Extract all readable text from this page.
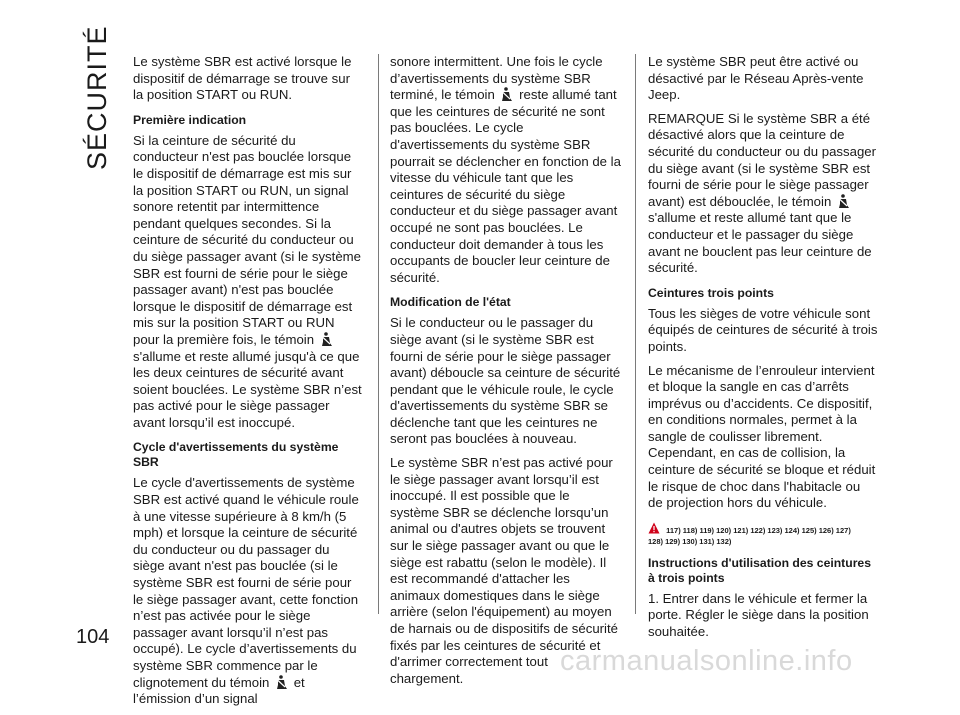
SÉCURITÉ Le système SBR est activé lorsque le dispositif de démarrage se trouve sur la position START ou RUN.

Première indication

Si la ceinture de sécurité du conducteur n'est pas bouclée lorsque le dispositif de démarrage est mis sur la position START ou RUN, un signal sonore retentit par intermittence pendant quelques secondes. Si la ceinture de sécurité du conducteur ou du siège passager avant (si le système SBR est fourni de série pour le siège passager avant) n'est pas bouclée lorsque le dispositif de démarrage est mis sur la position START ou RUN pour la première fois, le témoin  s'allume et reste allumé jusqu'à ce que les deux ceintures de sécurité avant soient bouclées. Le système SBR n’est pas activé pour le siège passager avant lorsqu’il est inoccupé.

Cycle d'avertissements du système SBR

Le cycle d'avertissements de système SBR est activé quand le véhicule roule à une vitesse supérieure à 8 km/h (5 mph) et lorsque la ceinture de sécurité du conducteur ou du passager du siège avant n'est pas bouclée (si le système SBR est fourni de série pour le siège passager avant, cette fonction n’est pas activée pour le siège passager avant lorsqu’il n’est pas occupé). Le cycle d’avertissements du système SBR commence par le clignotement du témoin et l’émission d’un signal

sonore intermittent. Une fois le cycle d’avertissements du système SBR terminé, le témoin reste allumé tant que les ceintures de sécurité ne sont pas bouclées. Le cycle d'avertissements du système SBR pourrait se déclencher en fonction de la vitesse du véhicule tant que les ceintures de sécurité du siège conducteur et du siège passager avant occupé ne sont pas bouclées. Le conducteur doit demander à tous les occupants de boucler leur ceinture de sécurité.

Modification de l'état

Si le conducteur ou le passager du siège avant (si le système SBR est fourni de série pour le siège passager avant) déboucle sa ceinture de sécurité pendant que le véhicule roule, le cycle d'avertissements du système SBR se déclenche tant que les ceintures ne seront pas bouclées à nouveau.

Le système SBR n’est pas activé pour le siège passager avant lorsqu’il est inoccupé. Il est possible que le système SBR se déclenche lorsqu’un animal ou d'autres objets se trouvent sur le siège passager avant ou que le siège est rabattu (selon le modèle). Il est recommandé d'attacher les animaux domestiques dans le siège arrière (selon l'équipement) au moyen de harnais ou de dispositifs de sécurité fixés par les ceintures de sécurité et d'arrimer correctement tout chargement.

Le système SBR peut être activé ou désactivé par le Réseau Après-vente Jeep.

REMARQUE Si le système SBR a été désactivé alors que la ceinture de sécurité du conducteur ou du passager du siège avant (si le système SBR est fourni de série pour le siège passager avant) est débouclée, le témoin  s'allume et reste allumé tant que le conducteur et le passager du siège avant ne bouclent pas leur ceinture de sécurité.

Ceintures trois points

Tous les sièges de votre véhicule sont équipés de ceintures de sécurité à trois points.

Le mécanisme de l’enrouleur intervient et bloque la sangle en cas d’arrêts imprévus ou d’accidents. Ce dispositif, en conditions normales, permet à la sangle de coulisser librement. Cependant, en cas de collision, la ceinture de sécurité se bloque et réduit le risque de choc dans l'habitacle ou de projection hors du véhicule.

117) 118) 119) 120) 121) 122) 123) 124) 125) 126) 127)
128) 129) 130) 131) 132)
Instructions d'utilisation des ceintures à trois points

1. Entrer dans le véhicule et fermer la porte. Régler le siège dans la position souhaitée.

104
carmanualsonline.info
